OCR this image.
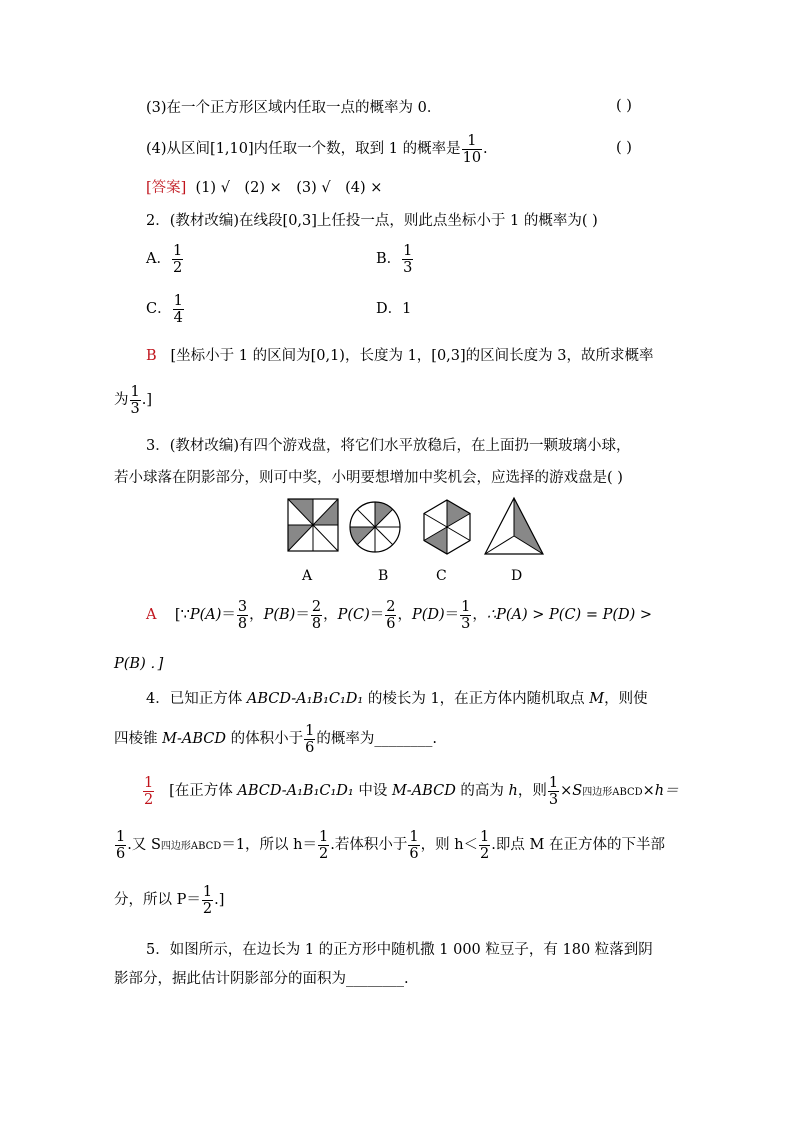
(3)在一个正方形区域内任取一点的概率为 0．	( )
(4)从区间[1,10]内任取一个数，取到 1 的概率是 $\frac{1}{10}$ .	( )
[答案] (1) √　(2) ×　(3) √　(4) ×
2．(教材改编)在线段[0,3]上任投一点，则此点坐标小于 1 的概率为( )
A． $\frac{1}{2}$	B． $\frac{1}{3}$
C． $\frac{1}{4}$	D．1
B [坐标小于 1 的区间为[0,1)，长度为 1，[0,3]的区间长度为 3，故所求概率
为 $\frac{1}{3}$ .]
3．(教材改编)有四个游戏盘，将它们水平放稳后，在上面扔一颗玻璃小球，
若小球落在阴影部分，则可中奖，小明要想增加中奖机会，应选择的游戏盘是( )
A	B	C	D
A [∵P(A)＝ $\frac{3}{8}$ ，$P(B)= \frac{2}{8}$ ，$P(C)= \frac{2}{6}$ ，$P(D)= \frac{1}{3}$ ，∴P(A) > P(C) = P(D) >
P(B) ．]
4．已知正方体 ABCD-A₁B₁C₁D₁ 的棱长为 1，在正方体内随机取点 M，则使
四棱锥 M-ABCD 的体积小于 $\frac{1}{6}$ 的概率为________.
$\frac{1}{2}$ [在正方体 ABCD-A₁B₁C₁D₁ 中设 M-ABCD 的高为 h，则 $\frac{1}{3} \times S$四边形ABCD×h＝
$\frac{1}{6}$ .又 S四边形ABCD＝1，所以 $h= \frac{1}{2}$ .若体积小于 $\frac{1}{6}$ ，则 $h< \frac{1}{2}$ .即点 M 在正方体的下半部
分，所以 $P= \frac{1}{2}$ .]
5．如图所示，在边长为 1 的正方形中随机撒 1 000 粒豆子，有 180 粒落到阴
影部分，据此估计阴影部分的面积为________.
